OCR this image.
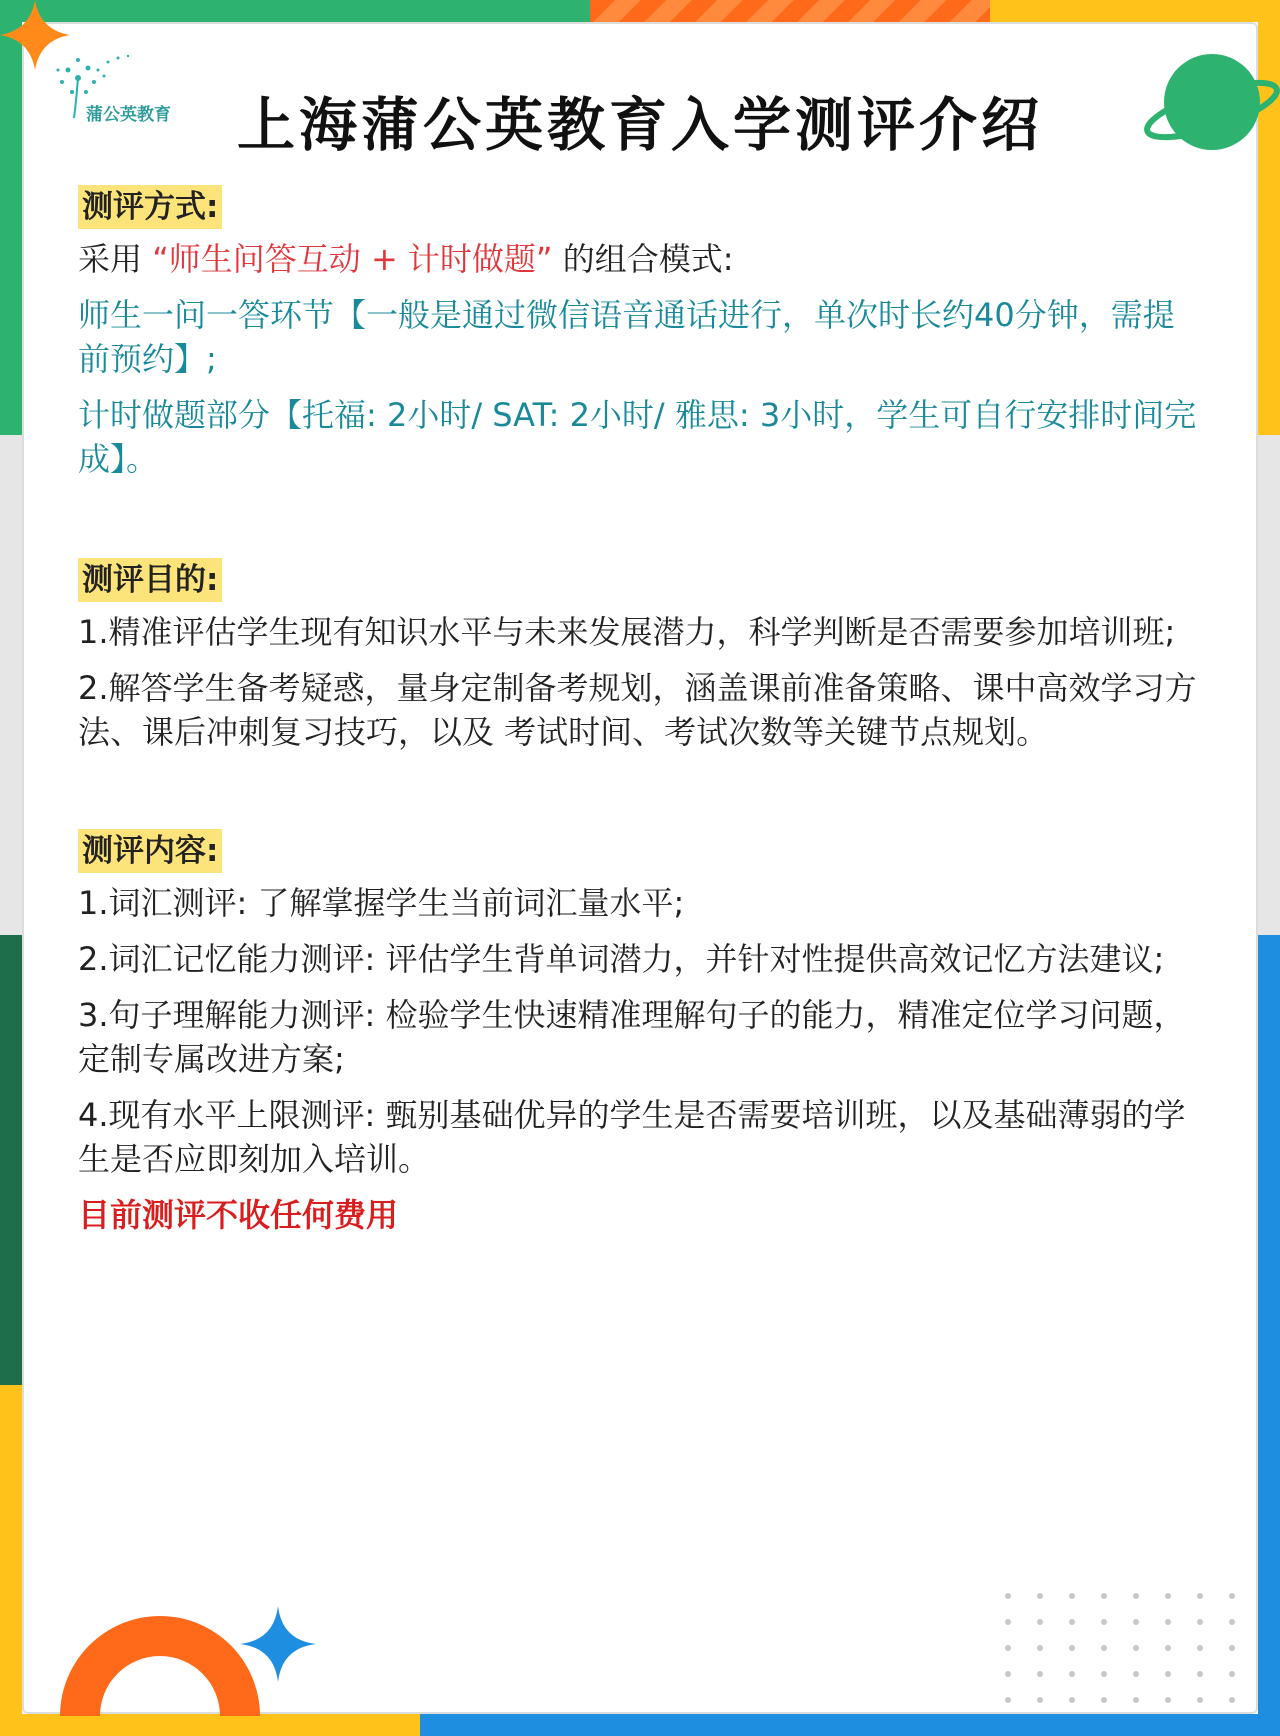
蒲公英教育	上海蒲公英教育入学测评介绍
测评方式:

采用 “师生问答互动 + 计时做题” 的组合模式:

师生一问一答环节【一般是通过微信语音通话进行，单次时长约40分钟，需提前预约】;

计时做题部分【托福: 2小时/ SAT: 2小时/ 雅思: 3小时，学生可自行安排时间完成】。

测评目的:

1.精准评估学生现有知识水平与未来发展潜力，科学判断是否需要参加培训班;

2.解答学生备考疑惑，量身定制备考规划，涵盖课前准备策略、课中高效学习方法、课后冲刺复习技巧，以及 考试时间、考试次数等关键节点规划。

测评内容:

1.词汇测评: 了解掌握学生当前词汇量水平;

2.词汇记忆能力测评: 评估学生背单词潜力，并针对性提供高效记忆方法建议;

3.句子理解能力测评: 检验学生快速精准理解句子的能力，精准定位学习问题，定制专属改进方案;

4.现有水平上限测评: 甄别基础优异的学生是否需要培训班，以及基础薄弱的学生是否应即刻加入培训。

目前测评不收任何费用
